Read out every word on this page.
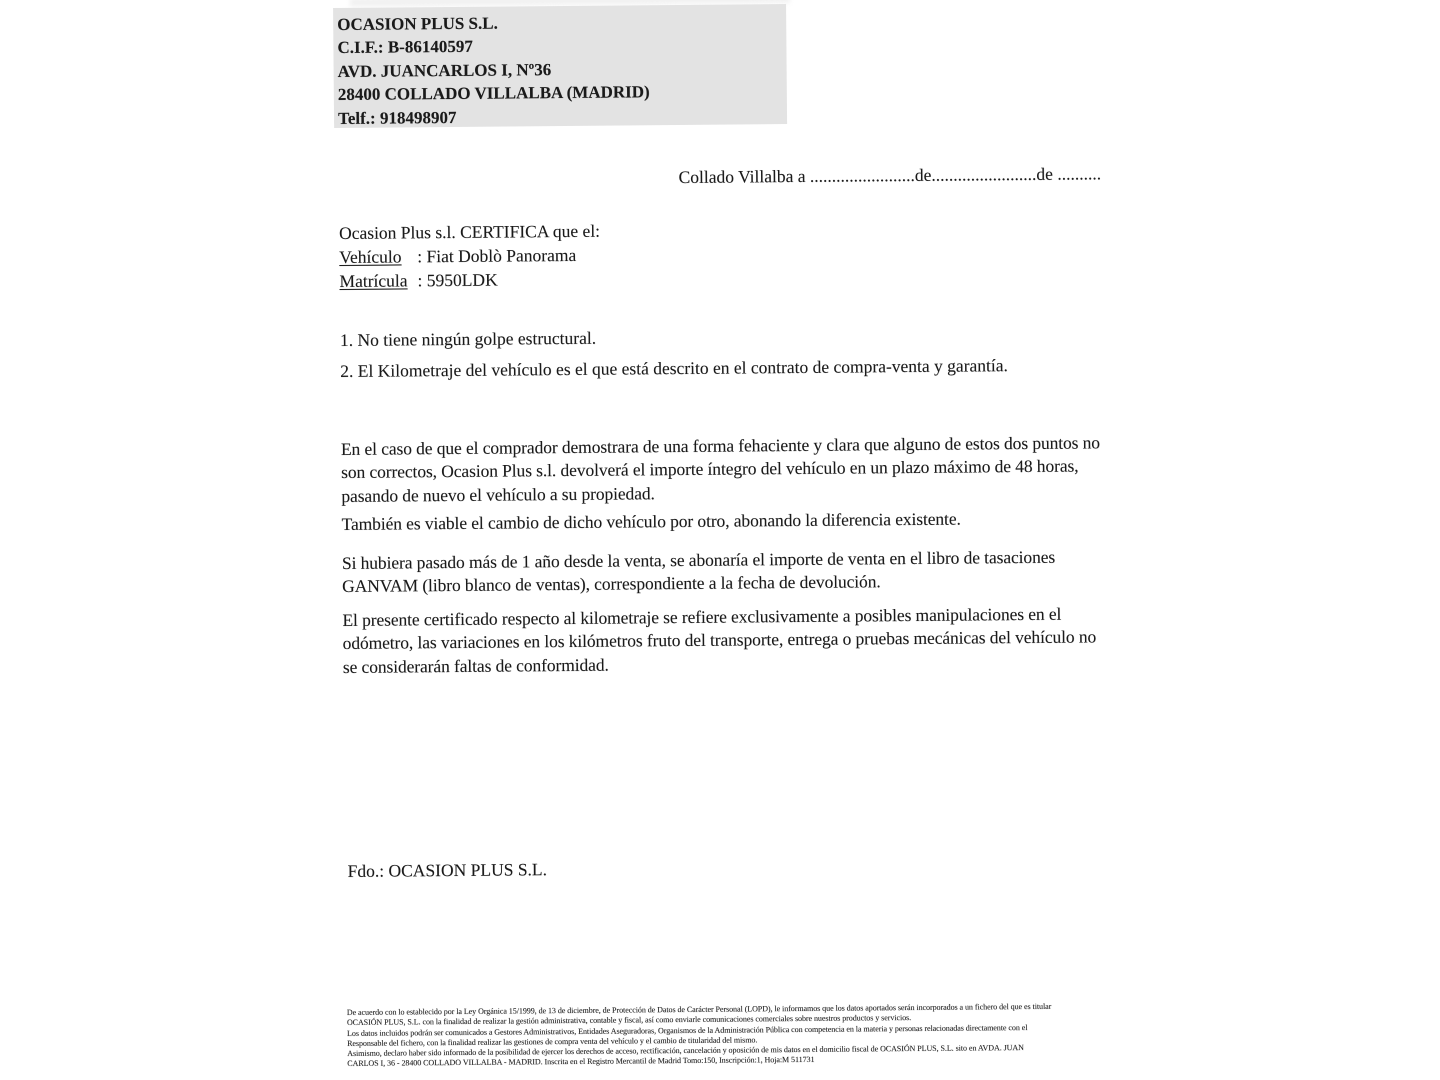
OCASION PLUS S.L.
C.I.F.: B-86140597
AVD. JUANCARLOS I, Nº36
28400 COLLADO VILLALBA (MADRID)
Telf.: 918498907
Collado Villalba a ........................de........................de ..........
Ocasion Plus s.l. CERTIFICA que el:
Vehículo : Fiat Doblò Panorama
Matrícula : 5950LDK
1. No tiene ningún golpe estructural.
2. El Kilometraje del vehículo es el que está descrito en el contrato de compra-venta y garantía.
En el caso de que el comprador demostrara de una forma fehaciente y clara que alguno de estos dos puntos no
son correctos, Ocasion Plus s.l. devolverá el importe íntegro del vehículo en un plazo máximo de 48 horas,
pasando de nuevo el vehículo a su propiedad.
También es viable el cambio de dicho vehículo por otro, abonando la diferencia existente.
Si hubiera pasado más de 1 año desde la venta, se abonaría el importe de venta en el libro de tasaciones
GANVAM (libro blanco de ventas), correspondiente a la fecha de devolución.
El presente certificado respecto al kilometraje se refiere exclusivamente a posibles manipulaciones en el
odómetro, las variaciones en los kilómetros fruto del transporte, entrega o pruebas mecánicas del vehículo no
se considerarán faltas de conformidad.
Fdo.: OCASION PLUS S.L.
De acuerdo con lo establecido por la Ley Orgánica 15/1999, de 13 de diciembre, de Protección de Datos de Carácter Personal (LOPD), le informamos que los datos aportados serán incorporados a un fichero del que es titular
OCASIÓN PLUS, S.L. con la finalidad de realizar la gestión administrativa, contable y fiscal, así como enviarle comunicaciones comerciales sobre nuestros productos y servicios.
Los datos incluidos podrán ser comunicados a Gestores Administrativos, Entidades Aseguradoras, Organismos de la Administración Pública con competencia en la materia y personas relacionadas directamente con el
Responsable del fichero, con la finalidad realizar las gestiones de compra venta del vehículo y el cambio de titularidad del mismo.
Asimismo, declaro haber sido informado de la posibilidad de ejercer los derechos de acceso, rectificación, cancelación y oposición de mis datos en el domicilio fiscal de OCASIÓN PLUS, S.L. sito en AVDA. JUAN
CARLOS I, 36 - 28400 COLLADO VILLALBA - MADRID. Inscrita en el Registro Mercantil de Madrid Tomo:150, Inscripción:1, Hoja:M 511731
